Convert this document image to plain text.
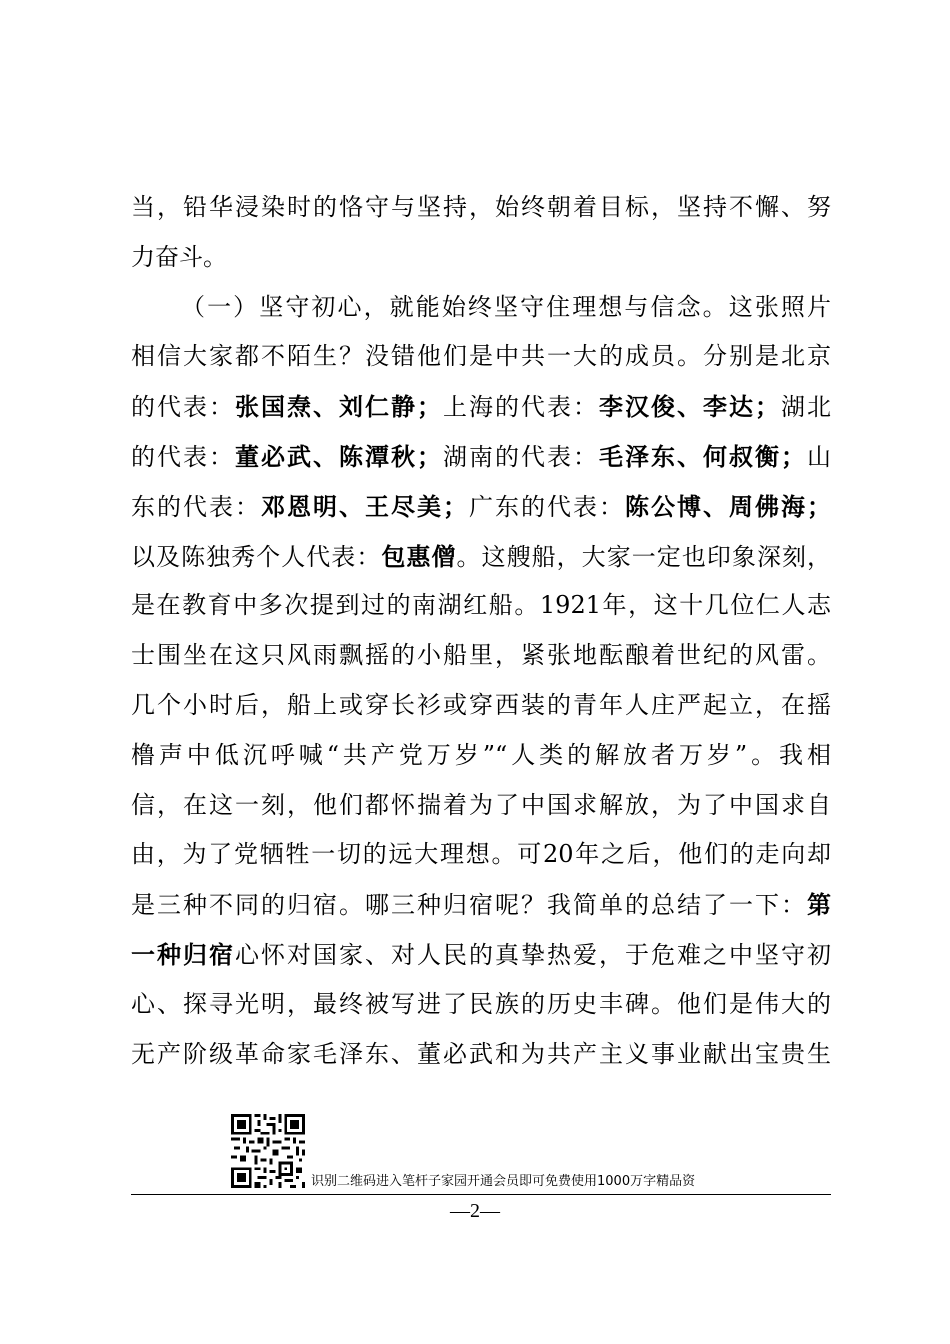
当，铅华浸染时的恪守与坚持，始终朝着目标，坚持不懈、努
力奋斗。
（一）坚守初心，就能始终坚守住理想与信念。这张照片
相信大家都不陌生？没错他们是中共一大的成员。分别是北京
的代表：张国焘、刘仁静；上海的代表：李汉俊、李达；湖北
的代表：董必武、陈潭秋；湖南的代表：毛泽东、何叔衡；山
东的代表：邓恩明、王尽美；广东的代表：陈公博、周佛海；
以及陈独秀个人代表：包惠僧。这艘船，大家一定也印象深刻，
是在教育中多次提到过的南湖红船。1921年，这十几位仁人志
士围坐在这只风雨飘摇的小船里，紧张地酝酿着世纪的风雷。
几个小时后，船上或穿长衫或穿西装的青年人庄严起立，在摇
橹声中低沉呼喊“共产党万岁”“人类的解放者万岁”。我相
信，在这一刻，他们都怀揣着为了中国求解放，为了中国求自
由，为了党牺牲一切的远大理想。可20年之后，他们的走向却
是三种不同的归宿。哪三种归宿呢？我简单的总结了一下：第
一种归宿心怀对国家、对人民的真挚热爱，于危难之中坚守初
心、探寻光明，最终被写进了民族的历史丰碑。他们是伟大的
无产阶级革命家毛泽东、董必武和为共产主义事业献出宝贵生
识别二维码进入笔杆子家园开通会员即可免费使用1000万字精品资
—2—
